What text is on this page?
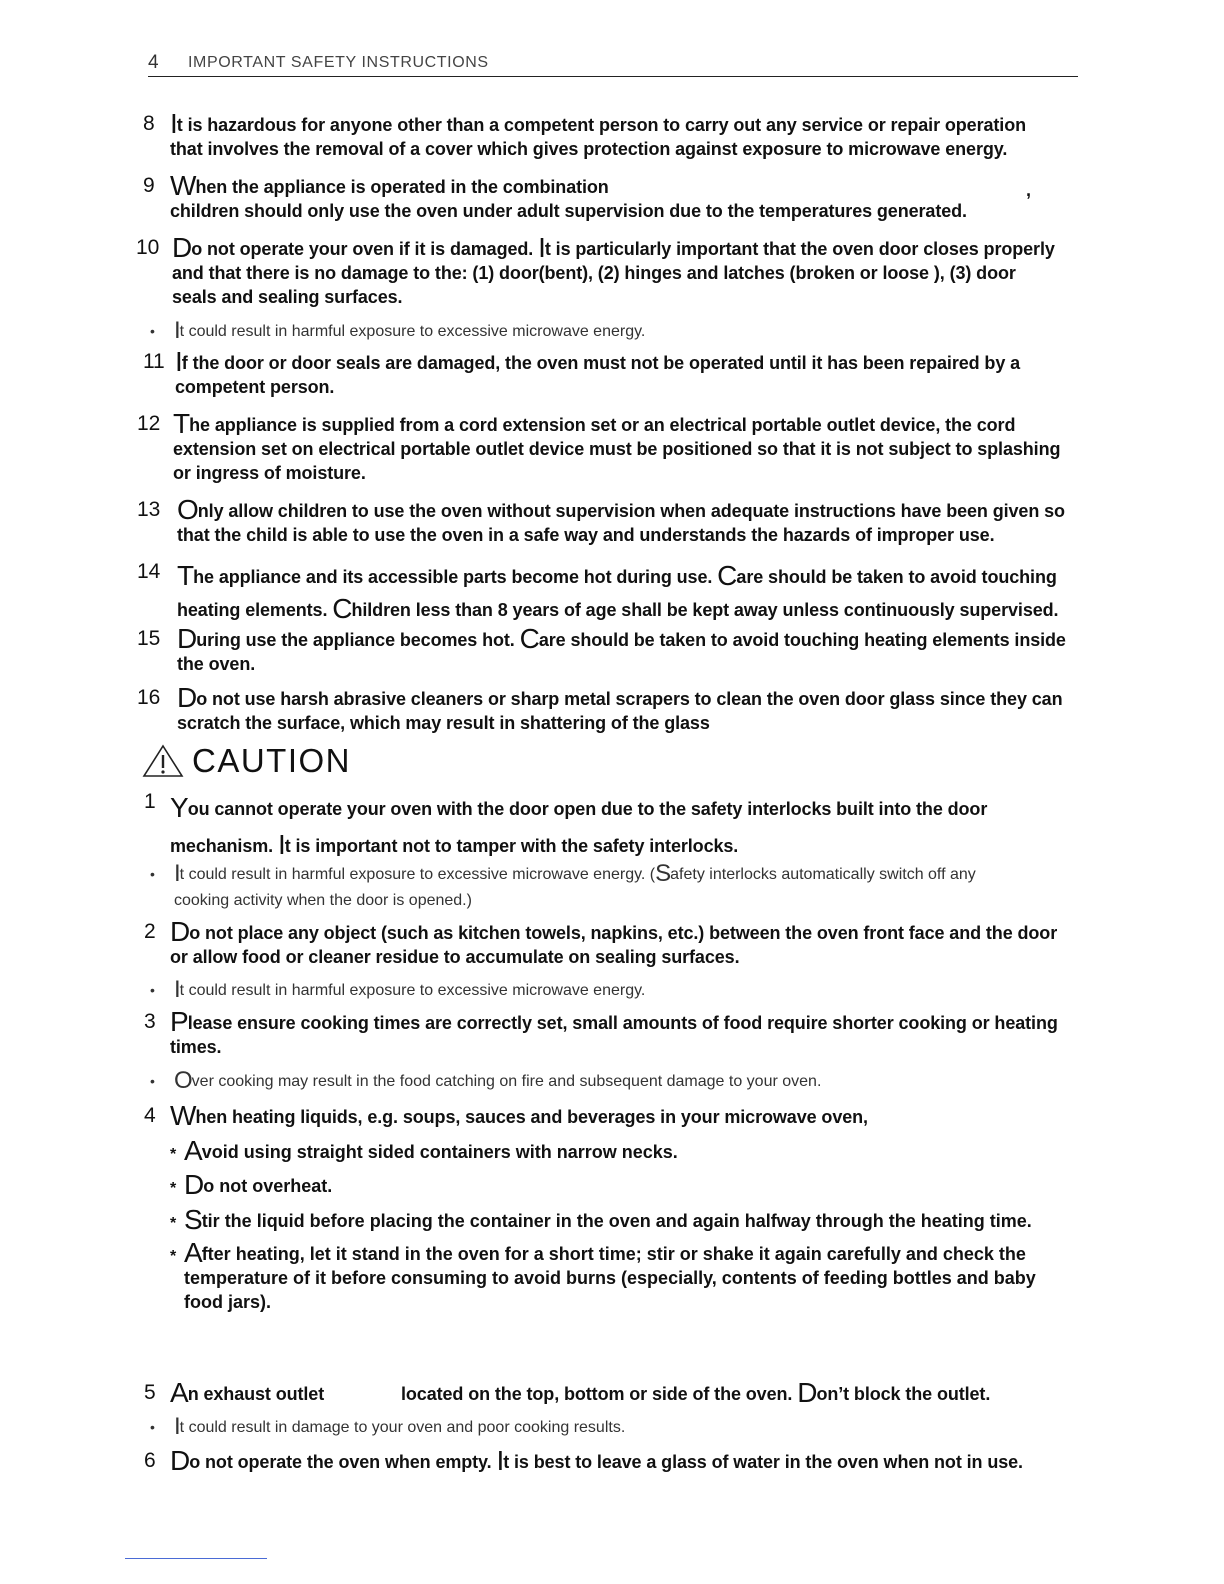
4 IMPORTANT SAFETY INSTRUCTIONS
8 It is hazardous for anyone other than a competent person to carry out any service or repair operation
that involves the removal of a cover which gives protection against exposure to microwave energy.
9 When the appliance is operated in the combination
children should only use the oven under adult supervision due to the temperatures generated.
,
10 Do not operate your oven if it is damaged. It is particularly important that the oven door closes properly
and that there is no damage to the: (1) door(bent), (2) hinges and latches (broken or loose ), (3) door
seals and sealing surfaces.
• It could result in harmful exposure to excessive microwave energy.
11 If the door or door seals are damaged, the oven must not be operated until it has been repaired by a
competent person.
12 The appliance is supplied from a cord extension set or an electrical portable outlet device, the cord
extension set on electrical portable outlet device must be positioned so that it is not subject to splashing
or ingress of moisture.
13 Only allow children to use the oven without supervision when adequate instructions have been given so
that the child is able to use the oven in a safe way and understands the hazards of improper use.
14 The appliance and its accessible parts become hot during use. Care should be taken to avoid touching
heating elements. Children less than 8 years of age shall be kept away unless continuously supervised.
15 During use the appliance becomes hot. Care should be taken to avoid touching heating elements inside
the oven.
16 Do not use harsh abrasive cleaners or sharp metal scrapers to clean the oven door glass since they can
scratch the surface, which may result in shattering of the glass
CAUTION
1 You cannot operate your oven with the door open due to the safety interlocks built into the door
mechanism. It is important not to tamper with the safety interlocks.
• It could result in harmful exposure to excessive microwave energy. (Safety interlocks automatically switch off any
cooking activity when the door is opened.)
2 Do not place any object (such as kitchen towels, napkins, etc.) between the oven front face and the door
or allow food or cleaner residue to accumulate on sealing surfaces.
• It could result in harmful exposure to excessive microwave energy.
3 Please ensure cooking times are correctly set, small amounts of food require shorter cooking or heating
times.
• Over cooking may result in the food catching on fire and subsequent damage to your oven.
4 When heating liquids, e.g. soups, sauces and beverages in your microwave oven,
* Avoid using straight sided containers with narrow necks.
* Do not overheat.
* Stir the liquid before placing the container in the oven and again halfway through the heating time.
* After heating, let it stand in the oven for a short time; stir or shake it again carefully and check the
temperature of it before consuming to avoid burns (especially, contents of feeding bottles and baby
food jars).
5 An exhaust outlet	located on the top, bottom or side of the oven. Don’t block the outlet.
• It could result in damage to your oven and poor cooking results.
6 Do not operate the oven when empty. It is best to leave a glass of water in the oven when not in use.
